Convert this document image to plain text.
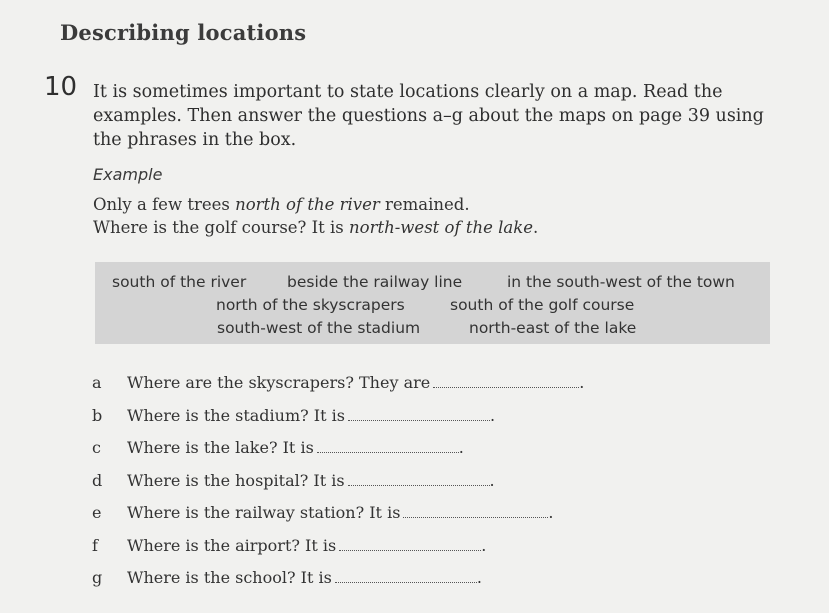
Describing locations
10 It is sometimes important to state locations clearly on a map. Read the
examples. Then answer the questions a–g about the maps on page 39 using
the phrases in the box.
Example
Only a few trees north of the river remained.
Where is the golf course? It is north-west of the lake.
south of the river	beside the railway line	in the south-west of the town
north of the skyscrapers	south of the golf course
south-west of the stadium	north-east of the lake
a	Where are the skyscrapers? They are	.
b	Where is the stadium? It is	.
c	Where is the lake? It is	.
d	Where is the hospital? It is	.
e	Where is the railway station? It is	.
f	Where is the airport? It is	.
g	Where is the school? It is	.
